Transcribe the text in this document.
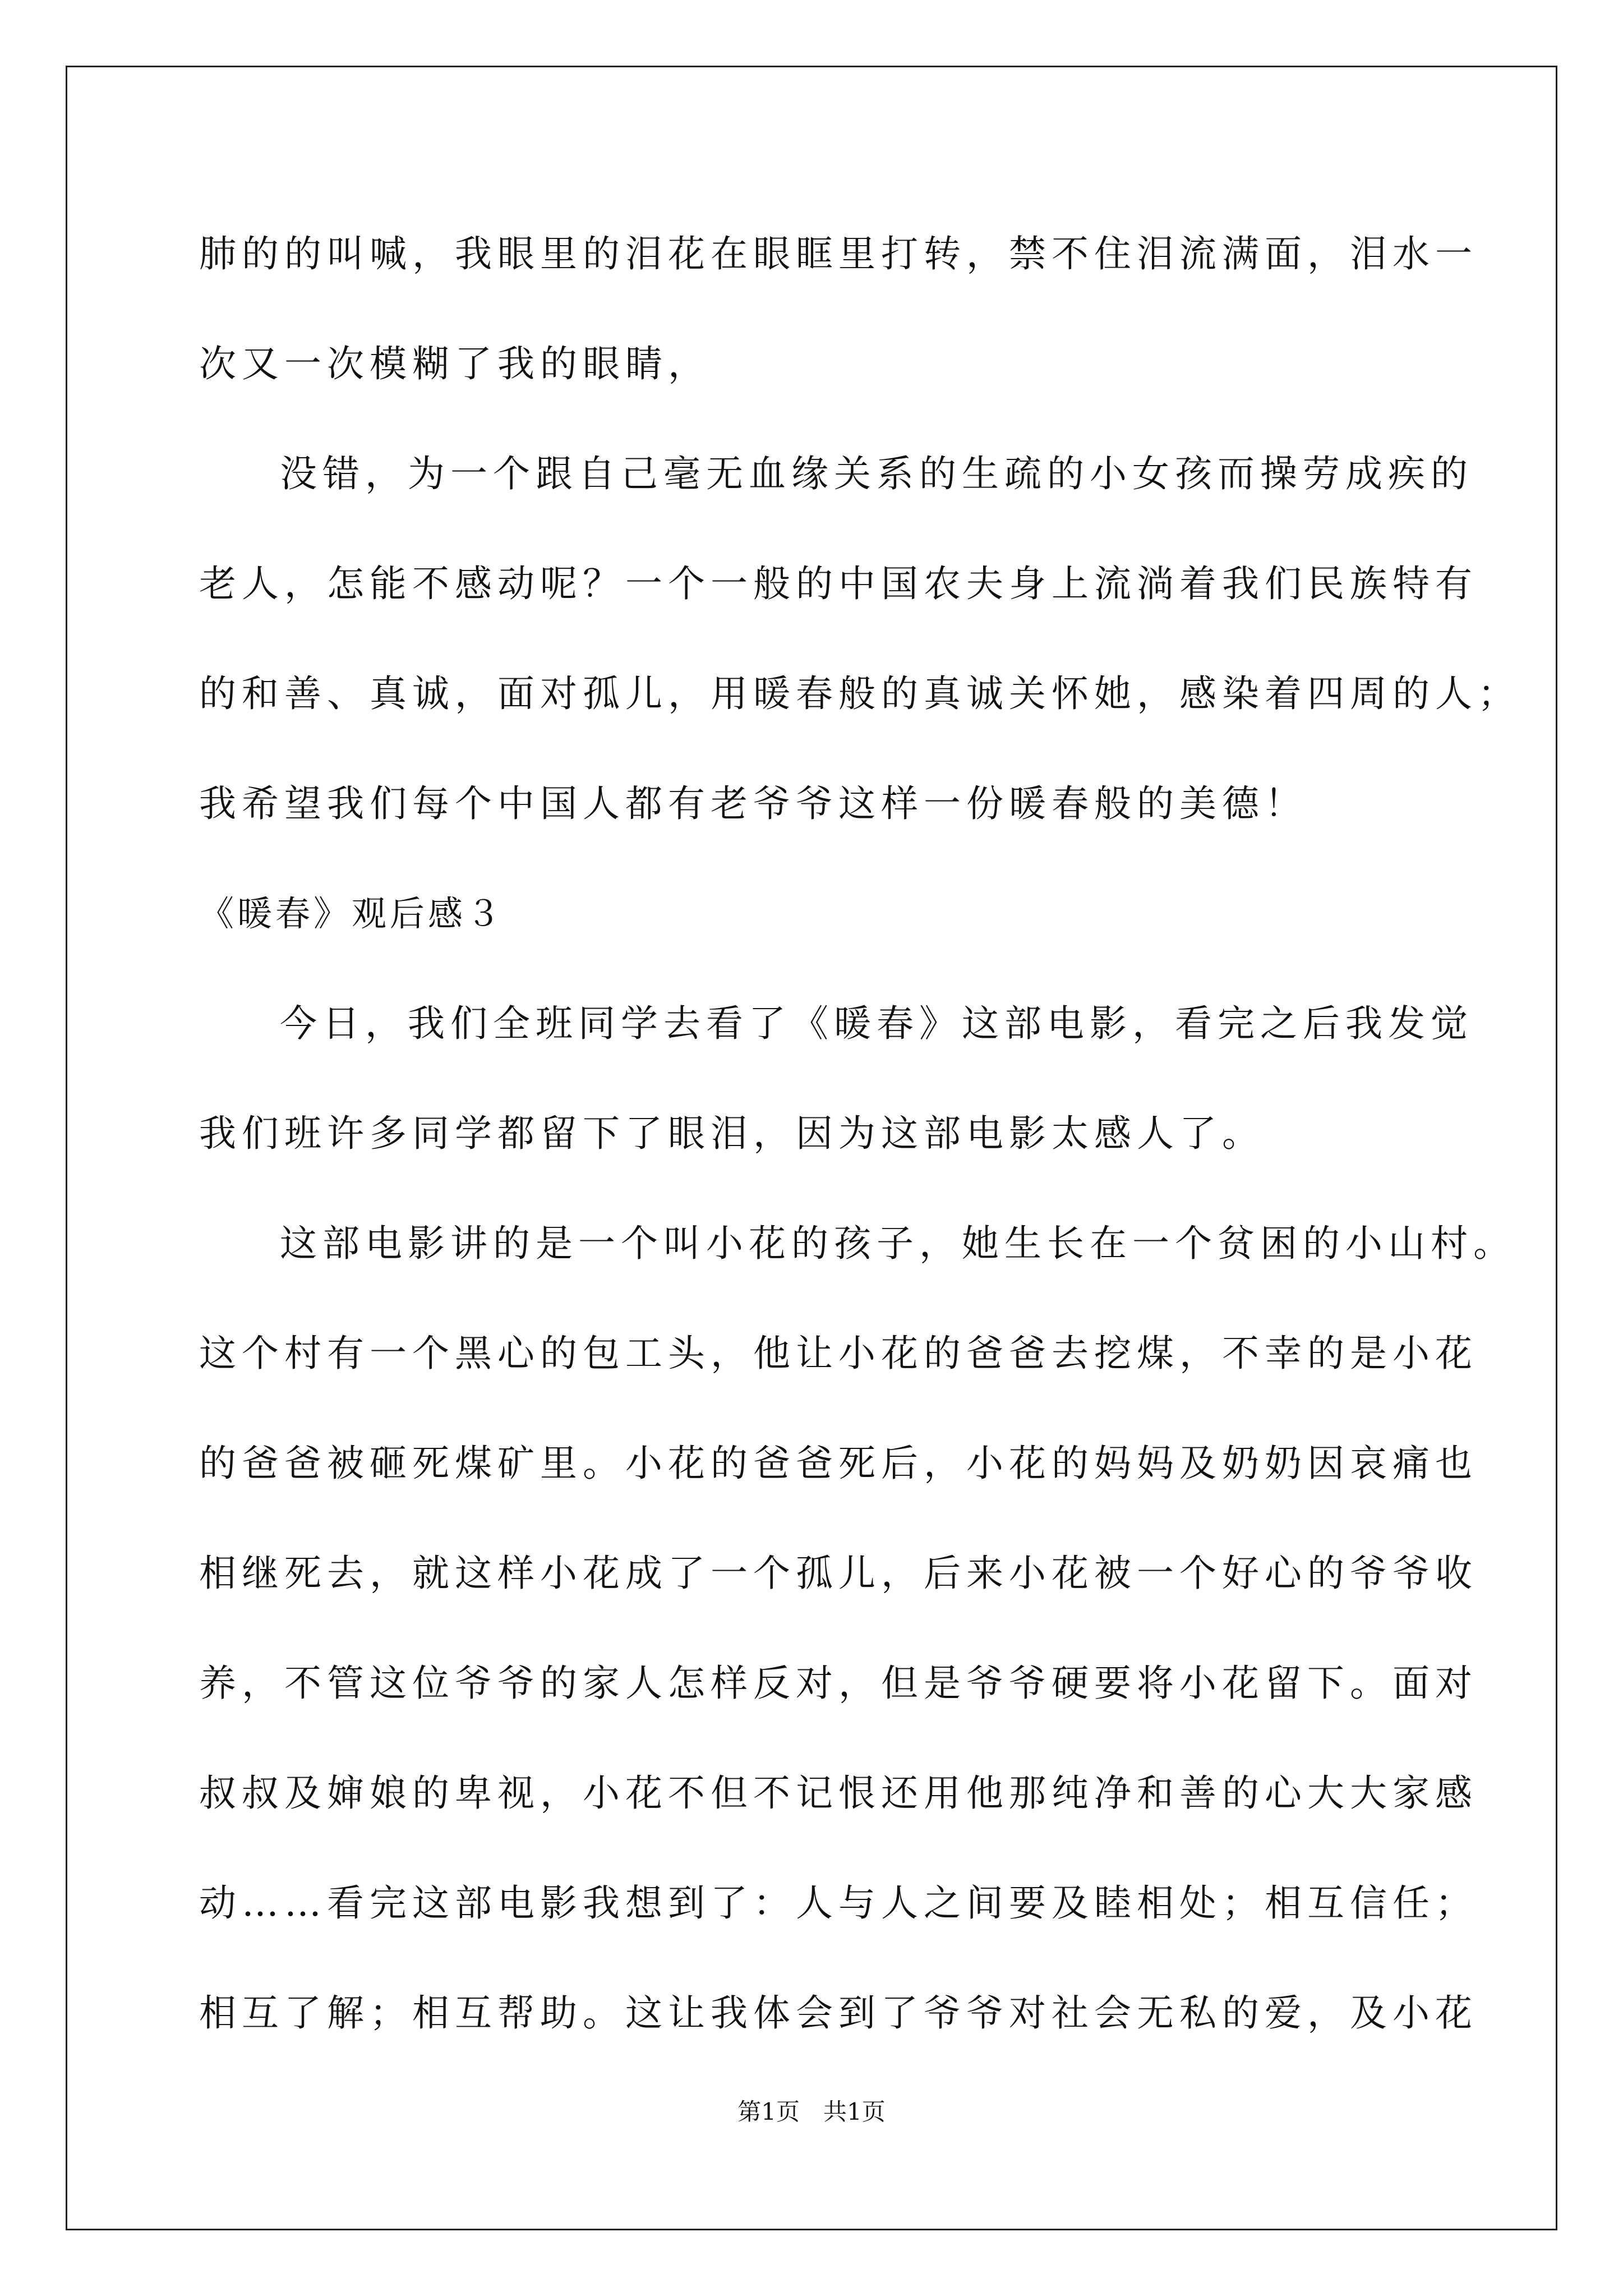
肺的的叫喊，我眼里的泪花在眼眶里打转，禁不住泪流满面，泪水一
次又一次模糊了我的眼睛，
没错，为一个跟自己毫无血缘关系的生疏的小女孩而操劳成疾的
老人，怎能不感动呢？一个一般的中国农夫身上流淌着我们民族特有
的和善、真诚，面对孤儿，用暖春般的真诚关怀她，感染着四周的人；
我希望我们每个中国人都有老爷爷这样一份暖春般的美德！
《暖春》观后感３
今日，我们全班同学去看了《暖春》这部电影，看完之后我发觉
我们班许多同学都留下了眼泪，因为这部电影太感人了。
这部电影讲的是一个叫小花的孩子，她生长在一个贫困的小山村。
这个村有一个黑心的包工头，他让小花的爸爸去挖煤，不幸的是小花
的爸爸被砸死煤矿里。小花的爸爸死后，小花的妈妈及奶奶因哀痛也
相继死去，就这样小花成了一个孤儿，后来小花被一个好心的爷爷收
养，不管这位爷爷的家人怎样反对，但是爷爷硬要将小花留下。面对
叔叔及婶娘的卑视，小花不但不记恨还用他那纯净和善的心大大家感
动……看完这部电影我想到了：人与人之间要及睦相处；相互信任；
相互了解；相互帮助。这让我体会到了爷爷对社会无私的爱，及小花
第1页　共1页
